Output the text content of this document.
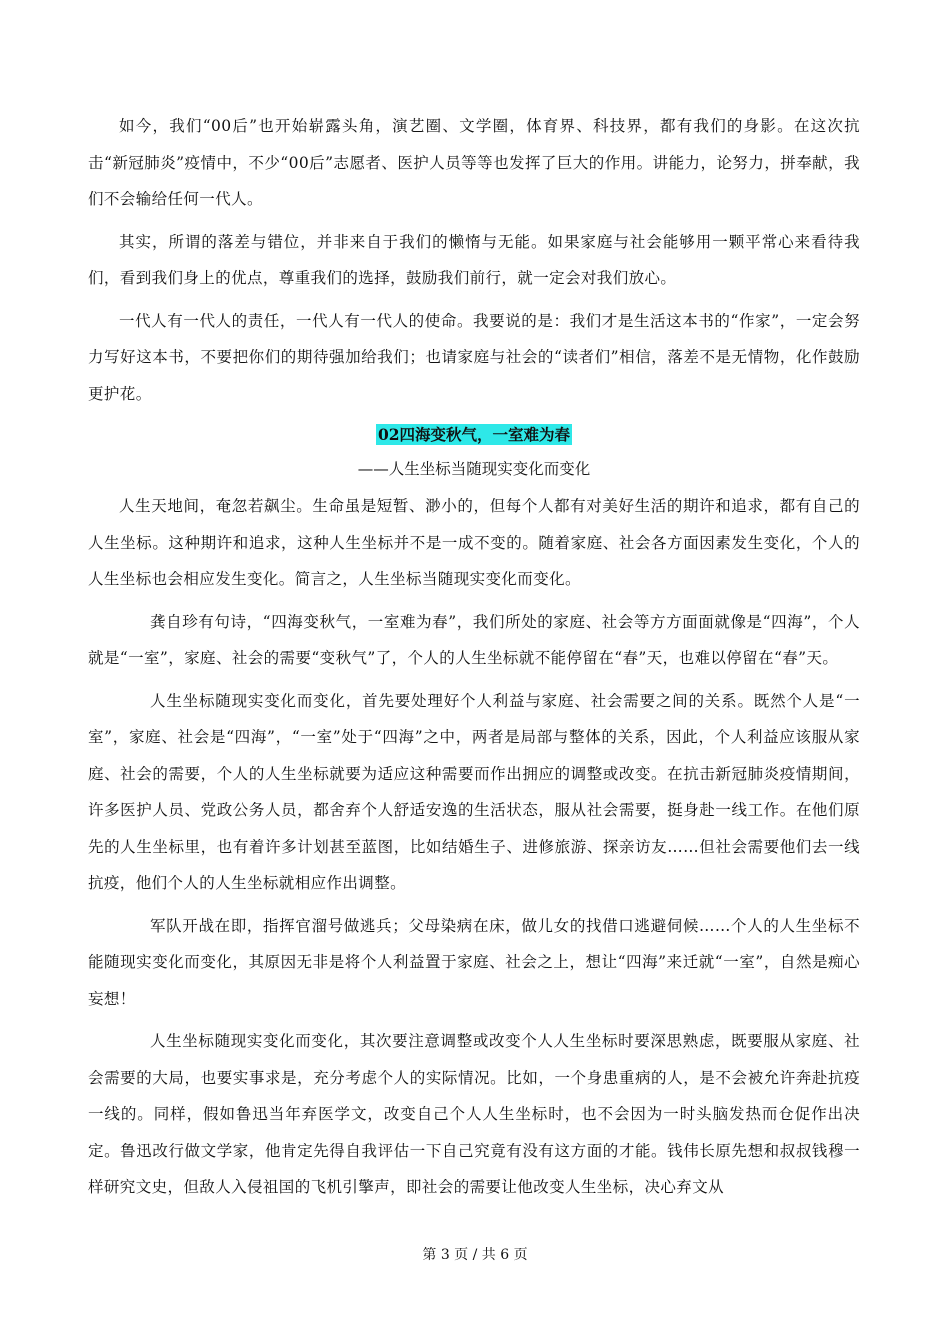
如今，我们“00后”也开始崭露头角，演艺圈、文学圈，体育界、科技界，都有我们的身影。在这次抗击“新冠肺炎”疫情中，不少“00后”志愿者、医护人员等等也发挥了巨大的作用。讲能力，论努力，拼奉献，我们不会输给任何一代人。

其实，所谓的落差与错位，并非来自于我们的懒惰与无能。如果家庭与社会能够用一颗平常心来看待我们，看到我们身上的优点，尊重我们的选择，鼓励我们前行，就一定会对我们放心。

一代人有一代人的责任，一代人有一代人的使命。我要说的是：我们才是生活这本书的“作家”，一定会努力写好这本书，不要把你们的期待强加给我们；也请家庭与社会的“读者们”相信，落差不是无情物，化作鼓励更护花。

02四海变秋气，一室难为春
——人生坐标当随现实变化而变化

人生天地间，奄忽若飙尘。生命虽是短暂、渺小的，但每个人都有对美好生活的期许和追求，都有自己的人生坐标。这种期许和追求，这种人生坐标并不是一成不变的。随着家庭、社会各方面因素发生变化，个人的人生坐标也会相应发生变化。简言之，人生坐标当随现实变化而变化。

龚自珍有句诗，“四海变秋气，一室难为春”，我们所处的家庭、社会等方方面面就像是“四海”，个人就是“一室”，家庭、社会的需要“变秋气”了，个人的人生坐标就不能停留在“春”天，也难以停留在“春”天。

人生坐标随现实变化而变化，首先要处理好个人利益与家庭、社会需要之间的关系。既然个人是“一室”，家庭、社会是“四海”，“一室”处于“四海”之中，两者是局部与整体的关系，因此，个人利益应该服从家庭、社会的需要，个人的人生坐标就要为适应这种需要而作出拥应的调整或改变。在抗击新冠肺炎疫情期间，许多医护人员、党政公务人员，都舍弃个人舒适安逸的生活状态，服从社会需要，挺身赴一线工作。在他们原先的人生坐标里，也有着许多计划甚至蓝图，比如结婚生子、进修旅游、探亲访友……但社会需要他们去一线抗疫，他们个人的人生坐标就相应作出调整。

军队开战在即，指挥官溜号做逃兵；父母染病在床，做儿女的找借口逃避伺候……个人的人生坐标不能随现实变化而变化，其原因无非是将个人利益置于家庭、社会之上，想让“四海”来迁就“一室”，自然是痴心妄想！

人生坐标随现实变化而变化，其次要注意调整或改变个人人生坐标时要深思熟虑，既要服从家庭、社会需要的大局，也要实事求是，充分考虑个人的实际情况。比如，一个身患重病的人，是不会被允许奔赴抗疫一线的。同样，假如鲁迅当年弃医学文，改变自己个人人生坐标时，也不会因为一时头脑发热而仓促作出决定。鲁迅改行做文学家，他肯定先得自我评估一下自己究竟有没有这方面的才能。钱伟长原先想和叔叔钱穆一样研究文史，但敌人入侵祖国的飞机引擎声，即社会的需要让他改变人生坐标，决心弃文从

第 3 页 / 共 6 页
